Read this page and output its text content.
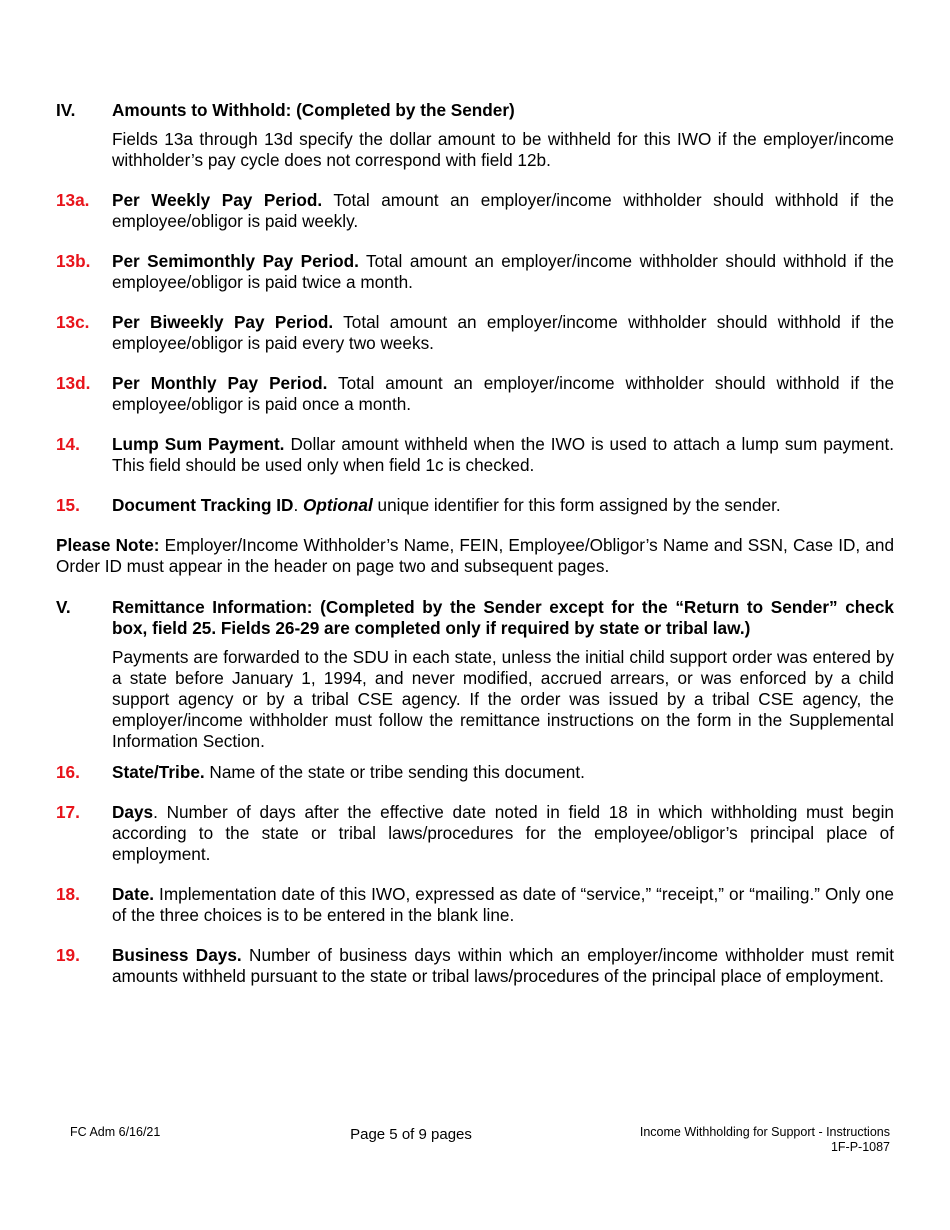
IV.	Amounts to Withhold: (Completed by the Sender)
Fields 13a through 13d specify the dollar amount to be withheld for this IWO if the employer/income withholder’s pay cycle does not correspond with field 12b.
13a.	Per Weekly Pay Period. Total amount an employer/income withholder should withhold if the employee/obligor is paid weekly.
13b.	Per Semimonthly Pay Period. Total amount an employer/income withholder should withhold if the employee/obligor is paid twice a month.
13c.	Per Biweekly Pay Period. Total amount an employer/income withholder should withhold if the employee/obligor is paid every two weeks.
13d.	Per Monthly Pay Period. Total amount an employer/income withholder should withhold if the employee/obligor is paid once a month.
14.	Lump Sum Payment. Dollar amount withheld when the IWO is used to attach a lump sum payment. This field should be used only when field 1c is checked.
15.	Document Tracking ID. Optional unique identifier for this form assigned by the sender.
Please Note: Employer/Income Withholder’s Name, FEIN, Employee/Obligor’s Name and SSN, Case ID, and Order ID must appear in the header on page two and subsequent pages.
V.	Remittance Information: (Completed by the Sender except for the “Return to Sender” check box, field 25. Fields 26-29 are completed only if required by state or tribal law.)
Payments are forwarded to the SDU in each state, unless the initial child support order was entered by a state before January 1, 1994, and never modified, accrued arrears, or was enforced by a child support agency or by a tribal CSE agency. If the order was issued by a tribal CSE agency, the employer/income withholder must follow the remittance instructions on the form in the Supplemental Information Section.
16.	State/Tribe. Name of the state or tribe sending this document.
17.	Days. Number of days after the effective date noted in field 18 in which withholding must begin according to the state or tribal laws/procedures for the employee/obligor’s principal place of employment.
18.	Date. Implementation date of this IWO, expressed as date of “service,” “receipt,” or “mailing.” Only one of the three choices is to be entered in the blank line.
19.	Business Days. Number of business days within which an employer/income withholder must remit amounts withheld pursuant to the state or tribal laws/procedures of the principal place of employment.
FC Adm 6/16/21	Page 5 of 9 pages	Income Withholding for Support - Instructions
1F-P-1087
